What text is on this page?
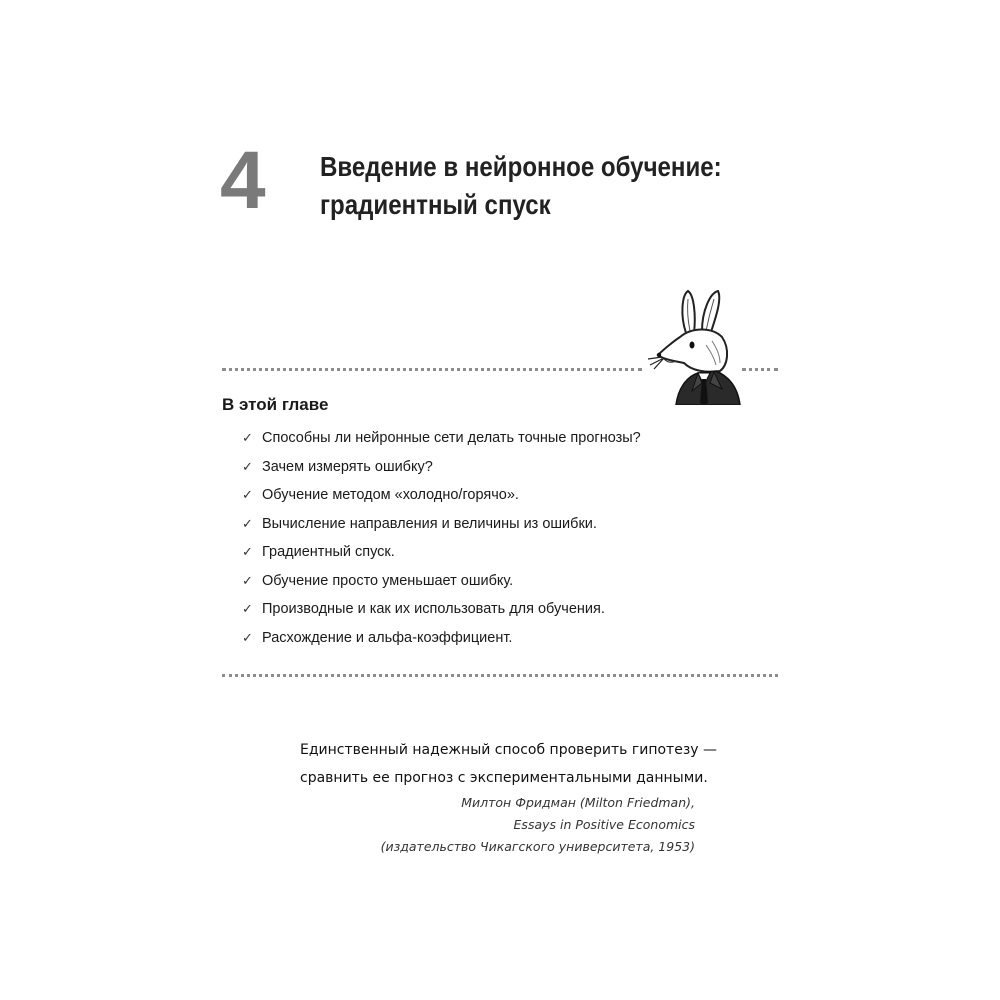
4 Введение в нейронное обучение:
градиентный спуск
В этой главе
✓ Способны ли нейронные сети делать точные прогнозы?
✓ Зачем измерять ошибку?
✓ Обучение методом «холодно/горячо».
✓ Вычисление направления и величины из ошибки.
✓ Градиентный спуск.
✓ Обучение просто уменьшает ошибку.
✓ Производные и как их использовать для обучения.
✓ Расхождение и альфа-коэффициент.
Единственный надежный способ проверить гипотезу —
сравнить ее прогноз с экспериментальными данными.
Милтон Фридман (Milton Friedman),
Essays in Positive Economics
(издательство Чикагского университета, 1953)
